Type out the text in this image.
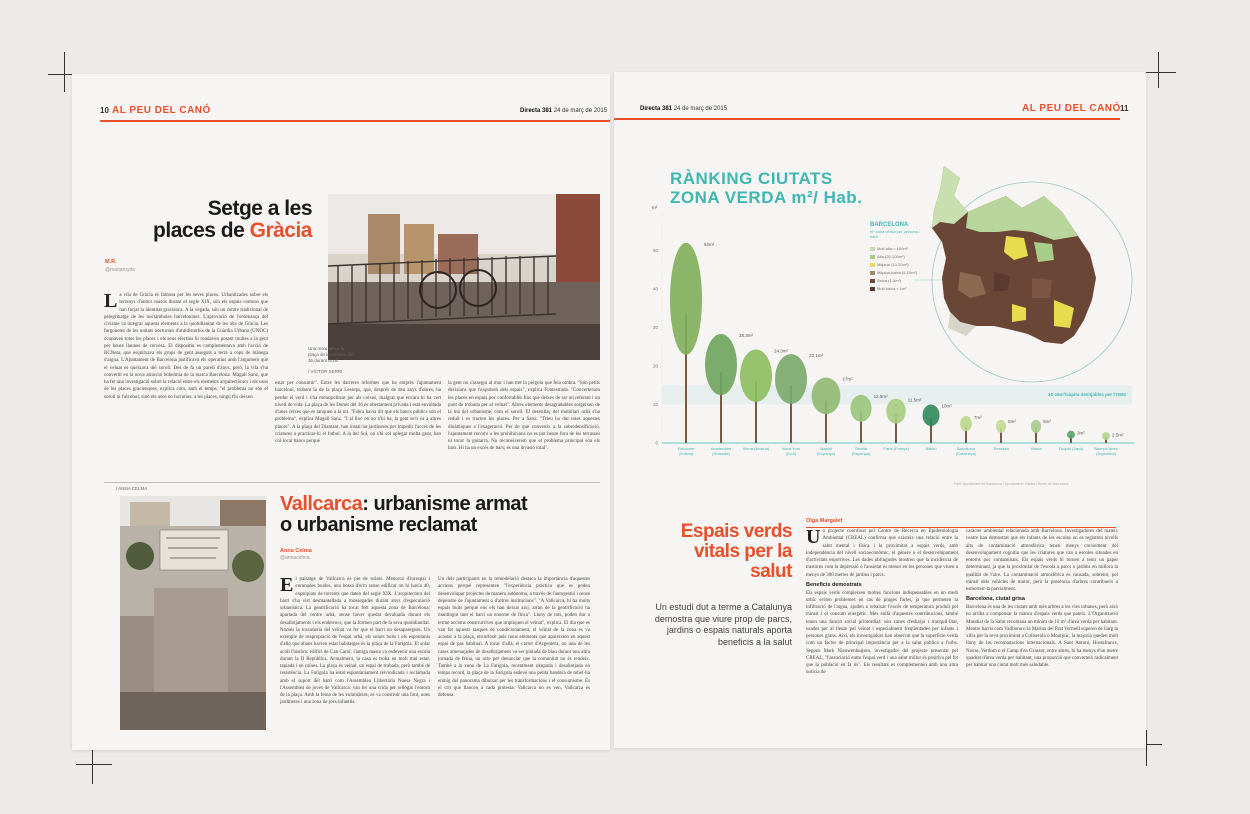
10 AL PEU DEL CANÓ	Directa 381 24 de març de 2015
Setge a les
places de Gràcia
M.R.
@mariaroyde
Una reixa tanca la plaça de les Dones del 36 durant la nit
/ VÍCTOR SERRI
La vila de Gràcia és famosa per les seves places. Urbanitzades sobre els terrenys d'antics masos durant el segle XIX, són els espais comuns que han forjat la identitat gracienca. A la vegada, són un centre tradicional de pelegrinatge de les noctàmbules barcelonines. L'aprovació de l'ordenança del civisme va integrar aquests elements a la quotidianitat de les nits de Gràcia. Les furgonetes de les unitats nocturnes d'antidisturbis de la Guàrdia Urbana (UNOC) ocupaven totes les places i els seus efectius hi rondaven posant multes a la gent per beure llaunes de cervesa. El dispositiu es complementava amb l'acció de BCNeta, que esquitxava els grups de gent asseguts a terra a cops de mànega d'aigua. L'Ajuntament de Barcelona justificava els operatius amb l'argument que el veïnat es queixava del soroll. Des de fa un parell d'anys, però, la vila s'ha convertit en la nova atracció boheimia de la marca Barcelona. Magali Sanz, que ha fet una investigació sobre la relació entre els elements arquitectònics i els usos de les places gracienques, explica com, amb el temps, "el problema no són el soroll ni l'alcohol, sinó els usos no lucratius: a les places, ningú t'hi deixen
estar per consumir". Entre les darreres reformes que ha emprès l'ajuntament barceloní, trobem la de la plaça Lesseps, que, després de deu anys d'obres, ha perdut el verd i s'ha monopolitzat per als cotxes, malgrat que encara hi ha cert nivell de vida. La plaça de les Dones del 36 és obertament privada i està envoltada d'unes reixes que es tanquen a la nit. "Fabra havia dit que els bancs públics són el problema", explica Magali Sanz. "I al lloc on no n'hi ha, la gent se'n va a altres places". A la plaça del Diamant, han instal·lat jardineres per impedir l'accés de les criatures a practicar-hi el futbol. A la del Sol, on s'hi sol aplegar molta gent, han col·locat bancs perquè
la gent no s'assegui al mur i han tret la pèrgola que feia ombra. "Són petits decisions que t'expulsen dels espais", explica Fontestrada. "Converteixen les places en espais poc confortables fins que deixes de ser un referent i un punt de trobada per al veïnat". Altres elements desagradables sorgeixen de la mà del urbanisme, com el soroll. El desenllaç del mobiliari urbà s'ha reduït i es tracten les places. Per a Sanz: "Trieu ha dut totes aquestes dinàmiques a l'exageració. Per de què convertix a la sobredensificació, l'ajuntament recorre a les prohibicions no es pot beure fora de les terrasses ni tocar la guitarra. No reconeixerem que el problema principal són els bars. Hi ha un excés de bars; és una invasió total".
/ ANNA CELMA
Vallcarca: urbanisme armat
o urbanisme reclamat
Anna Celma
@annacelma
El paisatge de Vallcarca és ple de solars. Menorca d'inrespai i enrunades buides, una bossa d'erm sense edificar on hi havia 40, expropiats de torrents que daten del segle XIX. L'arquitectura del barri s'ha vist desmantellada a mossegades durant anys d'especulació urbanística. La gentrificació ha tocat fort aquesta zona de Barcelona: apartada del centre urbà, sense haver quedat devaluada durant els desallotjaments i els enderrocs, que la formen part de la seva quotidianitat. Només la tossuderia del veïnat va fer que el barri no desaparegués. Un exemple de reapropiació de l'espai urbà, els solars buits i els espontanis d'allò que abans havien estat habitatges és la plaça de la Farigola. El solar acull l'històric edifici de Can Carol: l'antiga masia va esdevenir una escola durant la II República. Actualment, la casa es troba en molt mal estat, tapiada i en ruïnes. La plaça és veïnal, un espai de trobada, però també de resistència. La Farigola ha estat espontàniament reivindicada i reclamada amb el suport del barri com l'Assemblea Llibertària Nuesa Negra i l'Assemblea de joves de Vallcarca: van fer una crida per rellogar l'entorn de la plaça. Amb la feina de les voluntàries, es va construir una font, unes jardineres i una zona de jocs infantils.
Un dels participants en la remodelació destaca la importància d'aquestes accions perquè representen "l'experiència pràctica que es poden desenvolupar projectes de manera autònoma, a través de l'autogestió i sense dependre de l'ajuntament o d'altres institucions". "A Vallcarca, hi ha molts espais buits perquè ens els han deixat així, arran de la gentrificació ha mantingut tant el barri un enorme de finca". Lluny de tots, poden dur a terme accions constructives que impliquen el veïnat", explica. El dia que es van fer aquests tasques de condicionament, el veïnat de la zona es va acostar a la plaça, encuriosit pels nous elements que apareixien en aquest espai de pas habitual. A tocar d'allà, el carrer d'Argentera, on una de les cases amenaçades de desallotjament va ser pintada de blau durant una altra jornada de feina, un acte per denunciar que la comunitat no és rendeix. També a la zona de La Farigola, recentment okupada i desallotjada en temps record, la plaça de la Farigola esdevé una petita bandera de rebel·lia enmig del panorama dibuixat per les transformacions i el consumisme. És el crit que llancen a cada protesta: Vallcarca no es ven, Vallcarca es defensa.
Directa 381 24 de març de 2015	AL PEU DEL CANÓ 11
RÀNKING CIUTATS
ZONA VERDA m²/ Hab.
52m²
28.3m²
24.3m²
23.1m²
17m²
12.5m²
11.5m²
10m²
7m²
6m²	6m²
3m²	2.5m²
0
10
20
30
40
50
m²
BARCELONA
m² zona verda per persona / barri
Molt alta > 100m²
Alta (20-100m²)
Mitjana (10-20m²)
Mitjana-baixa (5-10m²)
Baixa (1-5m²)
Molt baixa < 1m²
10-15m²/càpita desitjables per l'OMS
Estocolm (Suècia)
Amsterdam (Holanda)
Viena (Àustria)	Nova York (EUA)
Madrid (Espanya)
Sevilla (Espanya)
París (França)	Bilbao	Barcelona (Catalunya)
Terrassa	Vitòria	Tòquio (Japó)	Buenos Aires (Argentina)
Font: Ajuntament de Barcelona / Ajuntament i Dades Oberts de Barcelona
Olga Margalef
Espais verds
vitals per la
salut
Un estudi dut a terme a Catalunya demostra que viure prop de parcs, jardins o espais naturals aporta beneficis a la salut
Un projecte coordinat pel Centre de Recerca en Epidemiologia Ambiental (CREAL) confirma que existeix una relació entre la salut mental i física i la proximitat a espais verds, amb independència del nivell socioeconòmic, el gènere o el desenvolupament d'activitats esportives. Les dades obtingudes mostren que la incidència de trastorns com la depressió o l'ansietat és menor en les persones que viuen a menys de 300 metres de jardins i parcs.
Beneficis demostrats
Els espais verds compleixen moltes funcions indispensables en un medi urbà: eviten problemes en cas de pluges fortes, ja que permeten la infiltració de l'aigua, ajuden a rebaixar l'excés de temperatura produït pel trànsit i el consum energètic. Més enllà d'aquestes contribucions, també tenen una funció social primordial: són zones d'esbarjo i tranquil·litat, usades per al lleure pel veïnat i especialment freqüentades per infants i persones grans. Així, els investigadors han observat que la superfície verda com un factor de principal importància per a la salut pública a l'urbs. Segons Mark Nieuwenhuijsen, investigador del projecte presentat pel CREAL, "l'associació entre l'espai verd i una salut millor és positiva pel fet que la població en fa ús". Els resultats es complementen amb una altra notícia de
caràcter ambiental relacionada amb Barcelona. Investigadores del mateix centre han demostrat que els infants de les escoles on es registren nivells alts de contaminació atmosfèrica tenen menys creixement del desenvolupament cognitiu que les criatures que van a escoles situades en entorns poc contaminats. Els espais verds hi tornen a tenir un paper determinant, ja que la proximitat de l'escola a parcs o jardins en millora la qualitat de l'aire. La contaminació atmosfèrica és causada, sobretot, pel trànsit dels vehicles de motor, però la presència d'arbres contribueix a esmorteir-la parcialment.
Barcelona, ciutat grisa
Barcelona és una de les ciutats amb més arbres a les vies urbanes, però això no arriba a compensar la manca d'espais verds que pateix. L'Organització Mundial de la Salut recomana un mínim de 10 m² d'àrea verda per habitant. Mentre barris com Vallbona o la Marina del Prat Vermell superen de llarg la xifra per la seva proximitat a Collserola o Montjuïc, la majoria queden molt lluny de les recomanacions internacionals. A Sant Antoni, Hostafrancs, Navas, Verdum o el Camp d'en Grassot, entre altres, hi ha menys d'un metre quadrat d'àrea verda per habitant, una proporció que converteix radicalment per habitar una ciutat molt més saludable.
